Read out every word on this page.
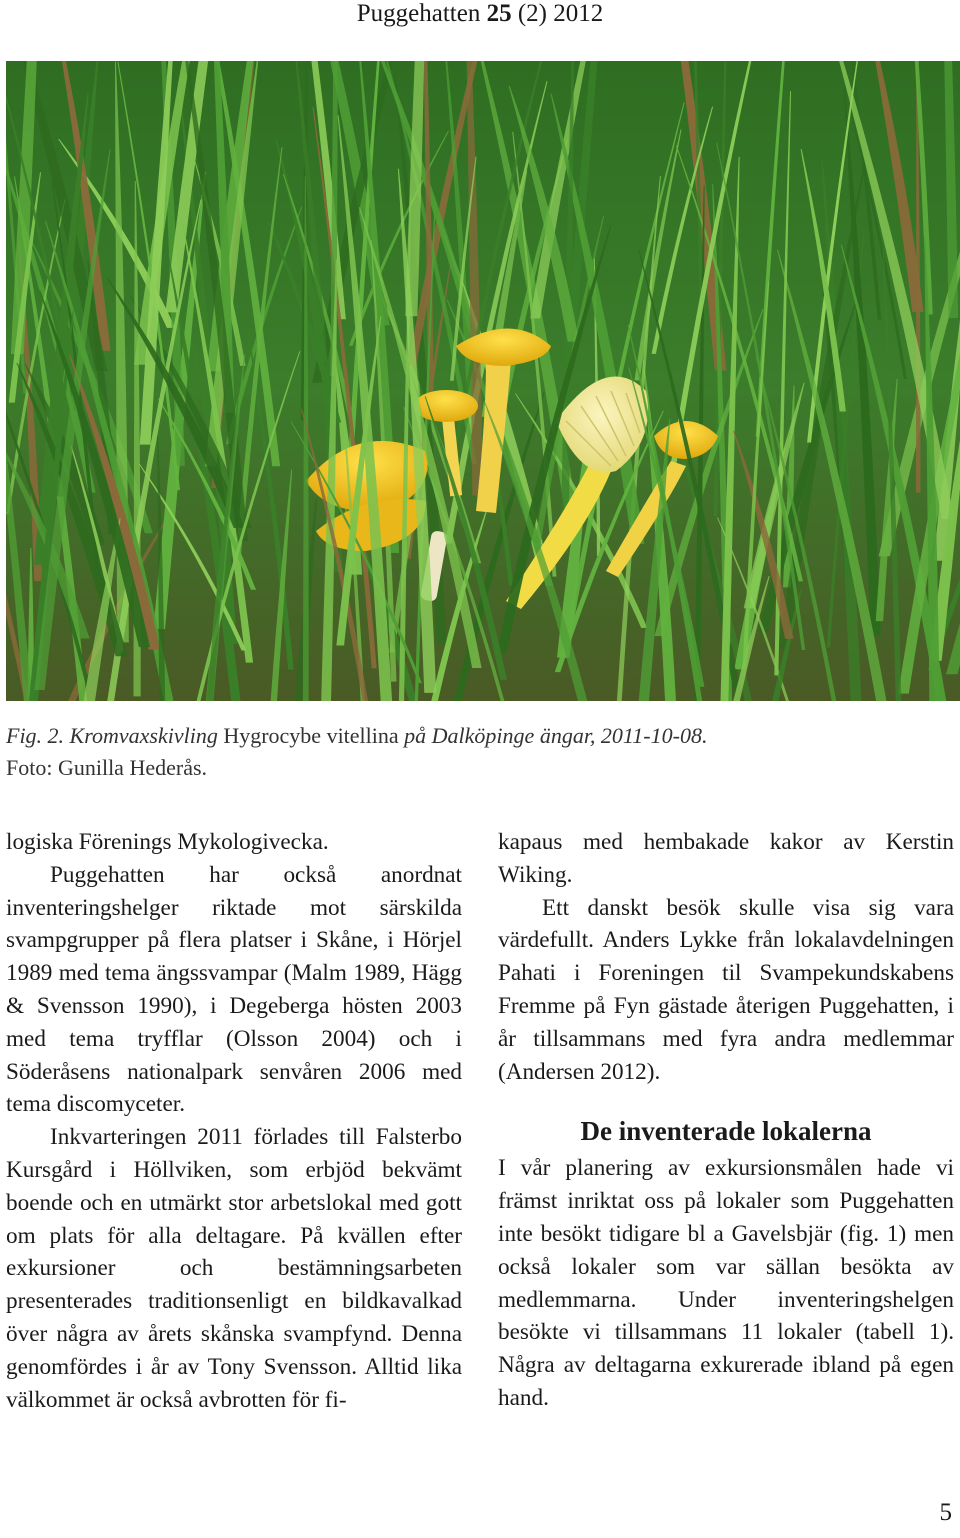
Puggehatten 25 (2) 2012
Fig. 2. Kromvaxskivling Hygrocybe vitellina på Dalköpinge ängar, 2011-10-08.
Foto: Gunilla Hederås.

logiska Förenings Mykologivecka.

Puggehatten har också anordnat inventeringshelger riktade mot särskilda svampgrupper på flera platser i Skåne, i Hörjel 1989 med tema ängssvampar (Malm 1989, Hägg & Svensson 1990), i Degeberga hösten 2003 med tema tryfflar (Olsson 2004) och i Söderåsens nationalpark senvåren 2006 med tema discomyceter.

Inkvarteringen 2011 förlades till Falsterbo Kursgård i Höllviken, som erbjöd bekvämt boende och en utmärkt stor arbetslokal med gott om plats för alla deltagare. På kvällen efter exkursioner och bestämningsarbeten presenterades traditionsenligt en bildkavalkad över några av årets skånska svampfynd. Denna genomfördes i år av Tony Svensson. Alltid lika välkommet är också avbrotten för fi-

kapaus med hembakade kakor av Kerstin Wiking.

Ett danskt besök skulle visa sig vara värdefullt. Anders Lykke från lokalavdelningen Pahati i Foreningen til Svampekundskabens Fremme på Fyn gästade återigen Puggehatten, i år tillsammans med fyra andra medlemmar (Andersen 2012).

De inventerade lokalerna

I vår planering av exkursionsmålen hade vi främst inriktat oss på lokaler som Puggehatten inte besökt tidigare bl a Gavelsbjär (fig. 1) men också lokaler som var sällan besökta av medlemmarna. Under inventeringshelgen besökte vi tillsammans 11 lokaler (tabell 1). Några av deltagarna exkurerade ibland på egen hand.

5
